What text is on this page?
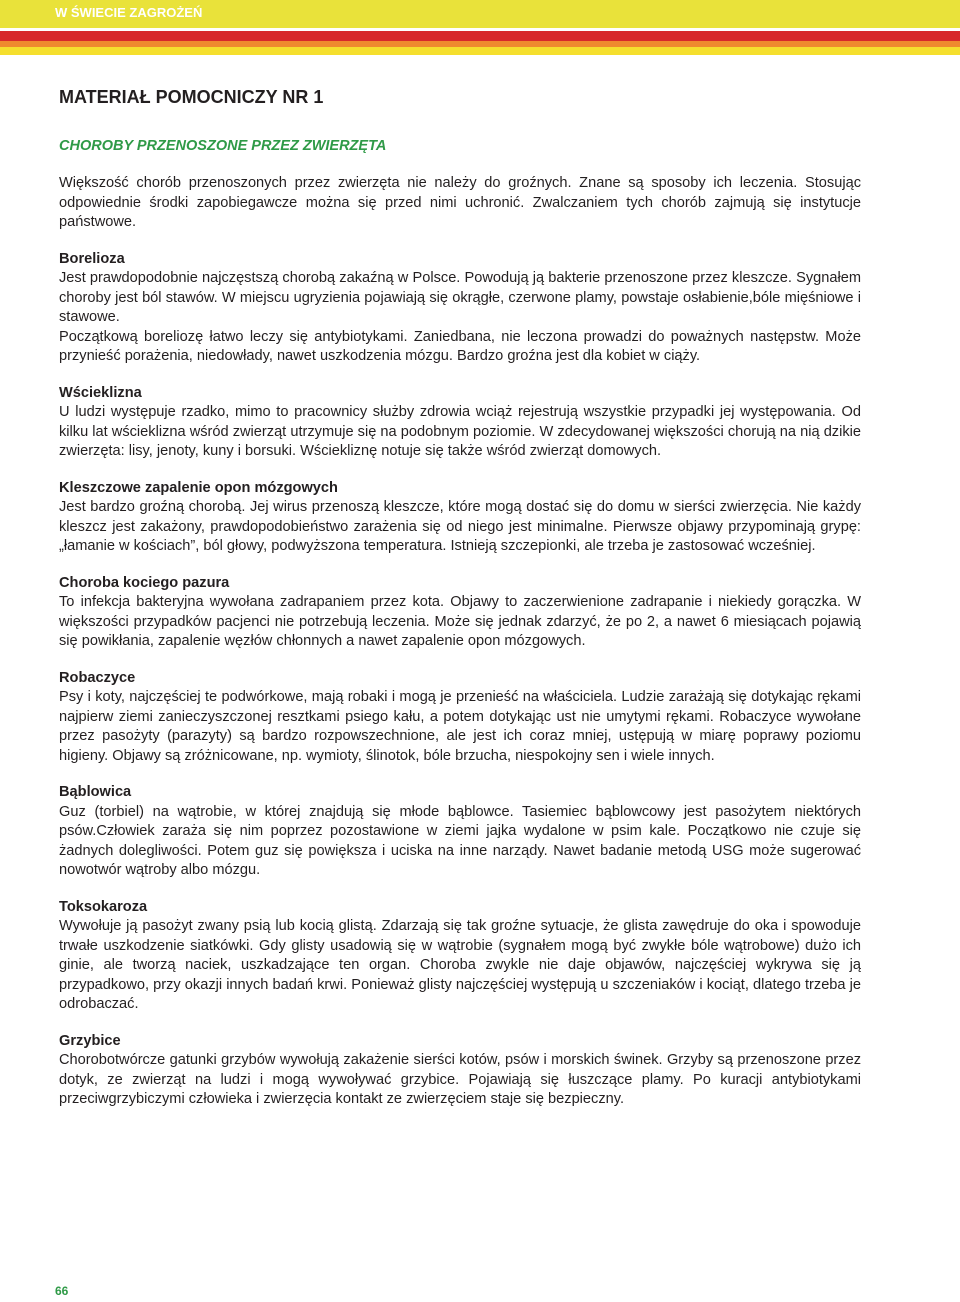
W ŚWIECIE ZAGROŻEŃ
MATERIAŁ POMOCNICZY NR 1
CHOROBY PRZENOSZONE PRZEZ ZWIERZĘTA

Większość chorób przenoszonych przez zwierzęta nie należy do groźnych. Znane są sposoby ich leczenia. Stosując odpowiednie środki zapobiegawcze można się przed nimi uchronić. Zwalczaniem tych chorób zajmują się instytucje państwowe.

Borelioza

Jest prawdopodobnie najczęstszą chorobą zakaźną w Polsce. Powodują ją bakterie przenoszone przez kleszcze. Sygnałem choroby jest ból stawów. W miejscu ugryzienia pojawiają się okrągłe, czerwone plamy, powstaje osłabienie,bóle mięśniowe i stawowe.

Początkową boreliozę łatwo leczy się antybiotykami. Zaniedbana, nie leczona prowadzi do poważnych następstw. Może przynieść porażenia, niedowłady, nawet uszkodzenia mózgu. Bardzo groźna jest dla kobiet w ciąży.

Wścieklizna

U ludzi występuje rzadko, mimo to pracownicy służby zdrowia wciąż rejestrują wszystkie przypadki jej występowania. Od kilku lat wścieklizna wśród zwierząt utrzymuje się na podobnym poziomie. W zdecydowanej większości chorują na nią dzikie zwierzęta: lisy, jenoty, kuny i borsuki. Wściekliznę notuje się także wśród zwierząt domowych.

Kleszczowe zapalenie opon mózgowych

Jest bardzo groźną chorobą. Jej wirus przenoszą kleszcze, które mogą dostać się do domu w sierści zwierzęcia. Nie każdy kleszcz jest zakażony, prawdopodobieństwo zarażenia się od niego jest minimalne. Pierwsze objawy przypominają grypę: „łamanie w kościach”, ból głowy, podwyższona temperatura. Istnieją szczepionki, ale trzeba je zastosować wcześniej.

Choroba kociego pazura

To infekcja bakteryjna wywołana zadrapaniem przez kota. Objawy to zaczerwienione zadrapanie i niekiedy gorączka. W większości przypadków pacjenci nie potrzebują leczenia. Może się jednak zdarzyć, że po 2, a nawet 6 miesiącach pojawią się powikłania, zapalenie węzłów chłonnych a nawet zapalenie opon mózgowych.

Robaczyce

Psy i koty, najczęściej te podwórkowe, mają robaki i mogą je przenieść na właściciela. Ludzie zarażają się dotykając rękami najpierw ziemi zanieczyszczonej resztkami psiego kału, a potem dotykając ust nie umytymi rękami. Robaczyce wywołane przez pasożyty (parazyty) są bardzo rozpowszechnione, ale jest ich coraz mniej, ustępują w miarę poprawy poziomu higieny. Objawy są zróżnicowane, np. wymioty, ślinotok, bóle brzucha, niespokojny sen i wiele innych.

Bąblowica

Guz (torbiel) na wątrobie, w której znajdują się młode bąblowce. Tasiemiec bąblowcowy jest pasożytem niektórych psów.Człowiek zaraża się nim poprzez pozostawione w ziemi jajka wydalone w psim kale. Początkowo nie czuje się żadnych dolegliwości. Potem guz się powiększa i uciska na inne narządy. Nawet badanie metodą USG może sugerować nowotwór wątroby albo mózgu.

Toksokaroza

Wywołuje ją pasożyt zwany psią lub kocią glistą. Zdarzają się tak groźne sytuacje, że glista zawędruje do oka i spowoduje trwałe uszkodzenie siatkówki. Gdy glisty usadowią się w wątrobie (sygnałem mogą być zwykłe bóle wątrobowe) dużo ich ginie, ale tworzą naciek, uszkadzające ten organ. Choroba zwykle nie daje objawów, najczęściej wykrywa się ją przypadkowo, przy okazji innych badań krwi. Ponieważ glisty najczęściej występują u szczeniaków i kociąt, dlatego trzeba je odrobaczać.

Grzybice

Chorobotwórcze gatunki grzybów wywołują zakażenie sierści kotów, psów i morskich świnek. Grzyby są przenoszone przez dotyk, ze zwierząt na ludzi i mogą wywoływać grzybice. Pojawiają się łuszczące plamy. Po kuracji antybiotykami przeciwgrzybiczymi człowieka i zwierzęcia kontakt ze zwierzęciem staje się bezpieczny.

66
